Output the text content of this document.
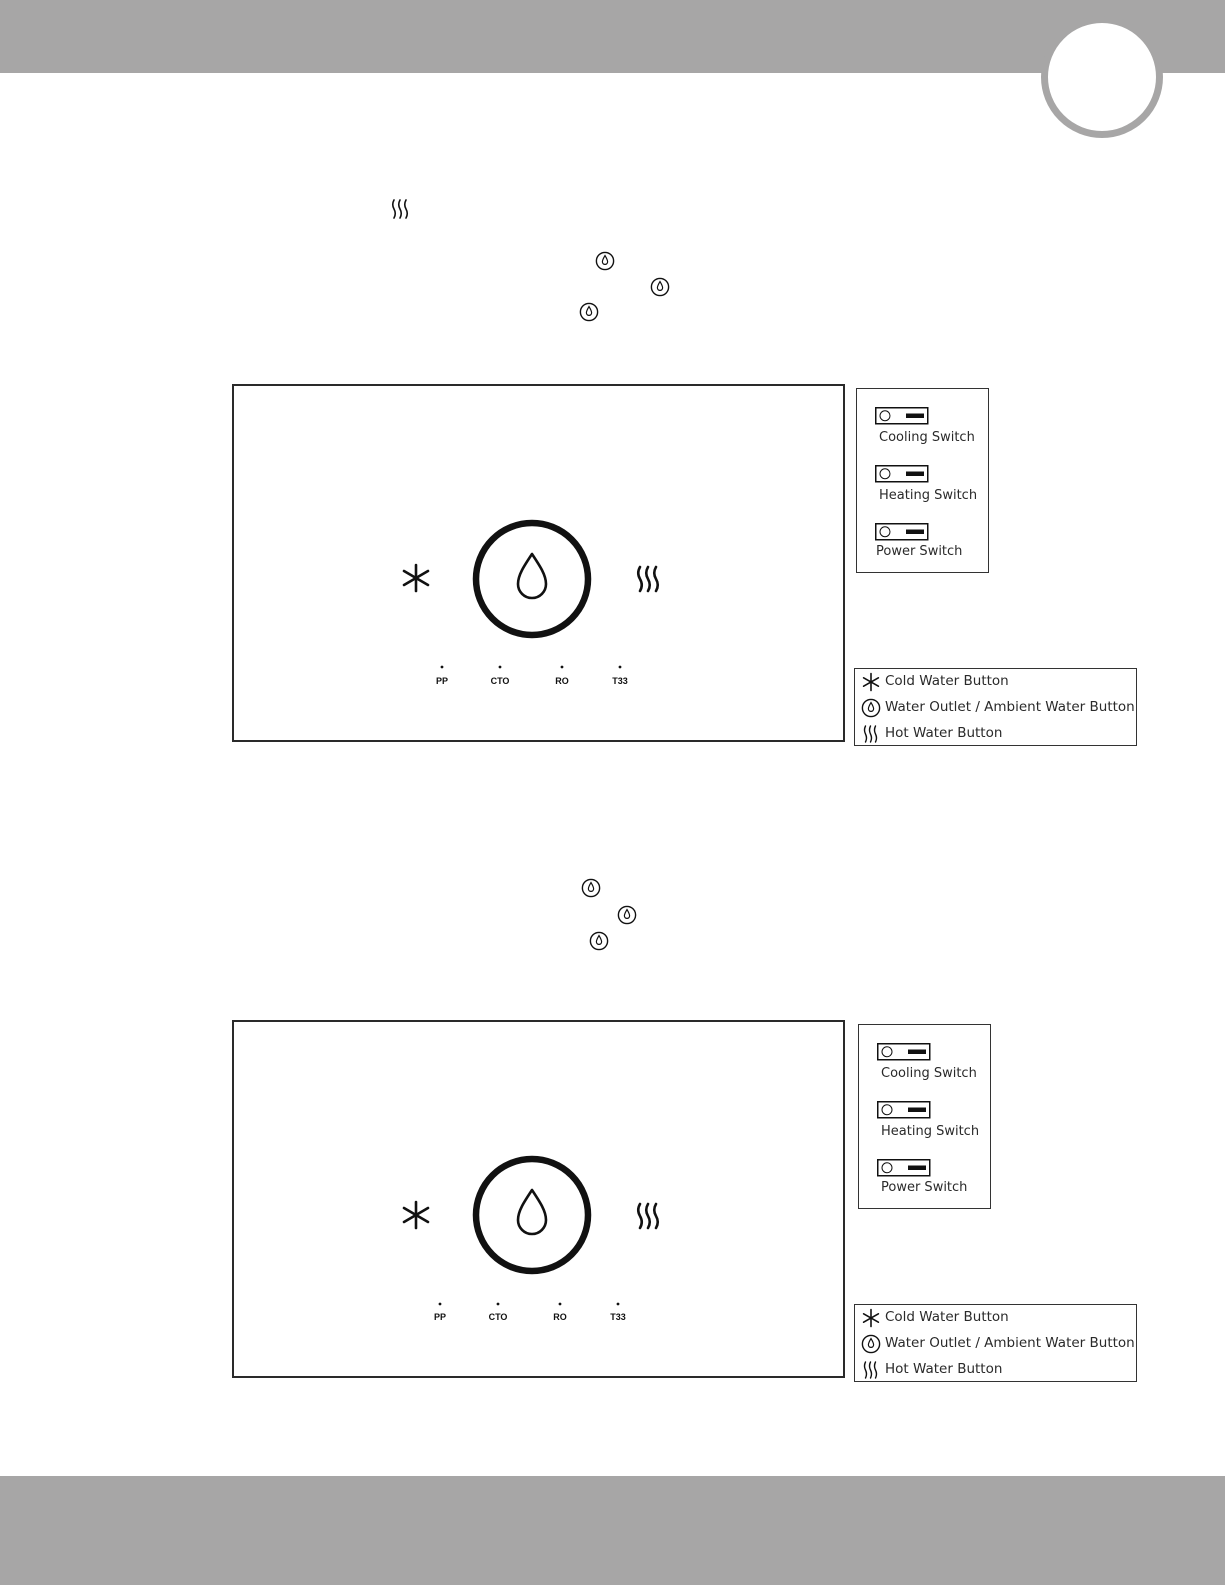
PP	CTO	RO	T33
Cooling Switch
Heating Switch
Power Switch
Cold Water Button
Water Outlet / Ambient Water Button
Hot Water Button
PP	CTO	RO	T33
Cooling Switch
Heating Switch
Power Switch
Cold Water Button
Water Outlet / Ambient Water Button
Hot Water Button
